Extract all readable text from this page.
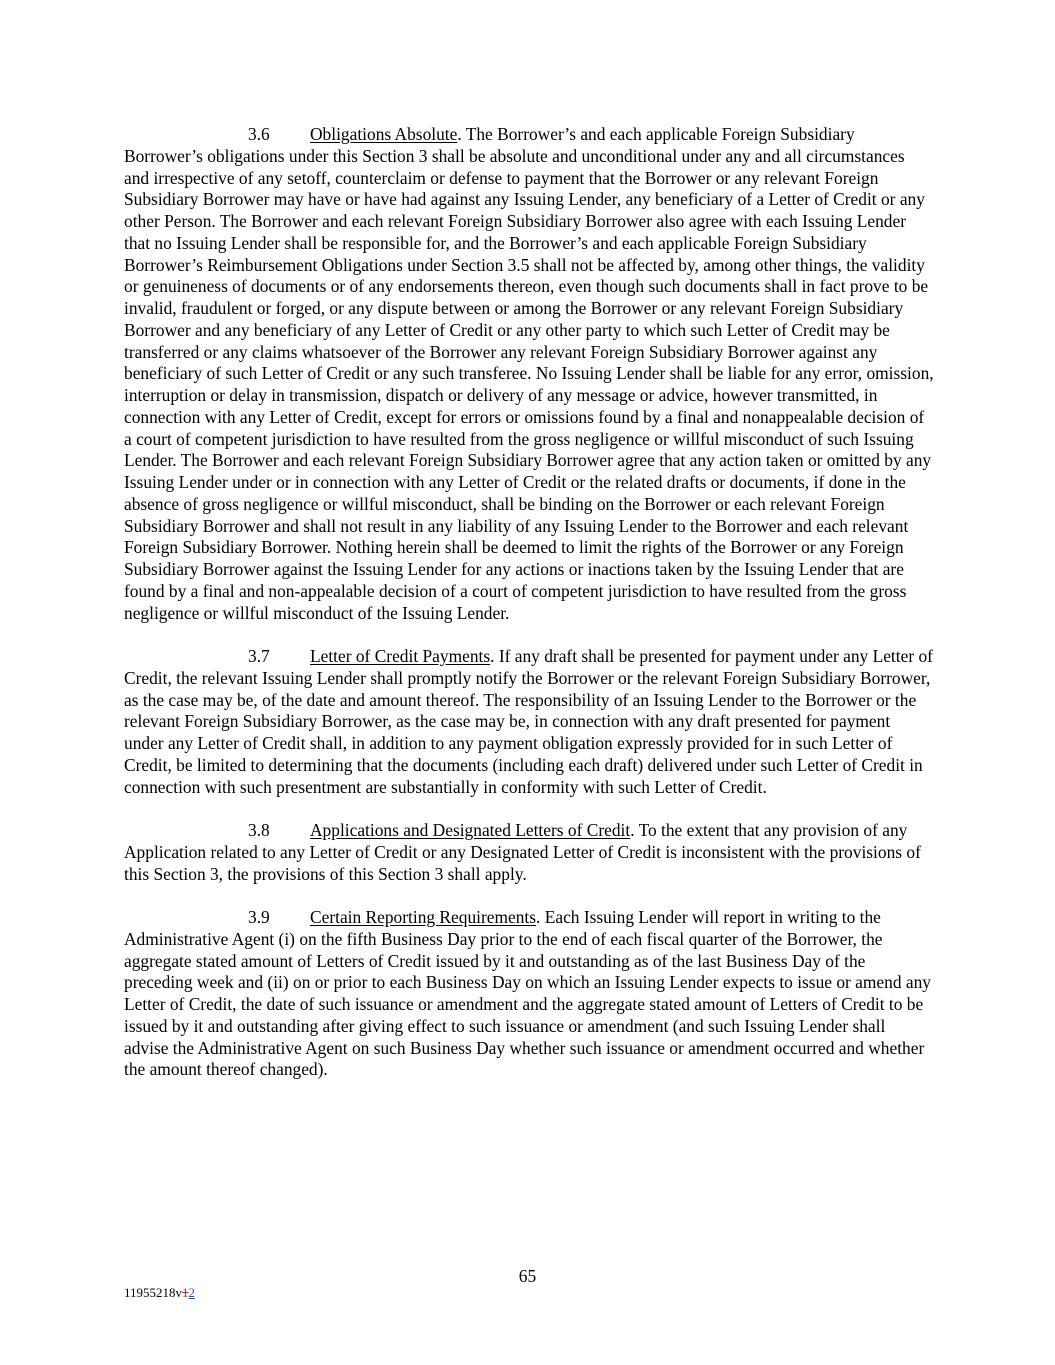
3.6 Obligations Absolute. The Borrower’s and each applicable Foreign Subsidiary Borrower’s obligations under this Section 3 shall be absolute and unconditional under any and all circumstances and irrespective of any setoff, counterclaim or defense to payment that the Borrower or any relevant Foreign Subsidiary Borrower may have or have had against any Issuing Lender, any beneficiary of a Letter of Credit or any other Person. The Borrower and each relevant Foreign Subsidiary Borrower also agree with each Issuing Lender that no Issuing Lender shall be responsible for, and the Borrower’s and each applicable Foreign Subsidiary Borrower’s Reimbursement Obligations under Section 3.5 shall not be affected by, among other things, the validity or genuineness of documents or of any endorsements thereon, even though such documents shall in fact prove to be invalid, fraudulent or forged, or any dispute between or among the Borrower or any relevant Foreign Subsidiary Borrower and any beneficiary of any Letter of Credit or any other party to which such Letter of Credit may be transferred or any claims whatsoever of the Borrower any relevant Foreign Subsidiary Borrower against any beneficiary of such Letter of Credit or any such transferee. No Issuing Lender shall be liable for any error, omission, interruption or delay in transmission, dispatch or delivery of any message or advice, however transmitted, in connection with any Letter of Credit, except for errors or omissions found by a final and nonappealable decision of a court of competent jurisdiction to have resulted from the gross negligence or willful misconduct of such Issuing Lender. The Borrower and each relevant Foreign Subsidiary Borrower agree that any action taken or omitted by any Issuing Lender under or in connection with any Letter of Credit or the related drafts or documents, if done in the absence of gross negligence or willful misconduct, shall be binding on the Borrower or each relevant Foreign Subsidiary Borrower and shall not result in any liability of any Issuing Lender to the Borrower and each relevant Foreign Subsidiary Borrower. Nothing herein shall be deemed to limit the rights of the Borrower or any Foreign Subsidiary Borrower against the Issuing Lender for any actions or inactions taken by the Issuing Lender that are found by a final and non-appealable decision of a court of competent jurisdiction to have resulted from the gross negligence or willful misconduct of the Issuing Lender.

3.7 Letter of Credit Payments. If any draft shall be presented for payment under any Letter of Credit, the relevant Issuing Lender shall promptly notify the Borrower or the relevant Foreign Subsidiary Borrower, as the case may be, of the date and amount thereof. The responsibility of an Issuing Lender to the Borrower or the relevant Foreign Subsidiary Borrower, as the case may be, in connection with any draft presented for payment under any Letter of Credit shall, in addition to any payment obligation expressly provided for in such Letter of Credit, be limited to determining that the documents (including each draft) delivered under such Letter of Credit in connection with such presentment are substantially in conformity with such Letter of Credit.

3.8 Applications and Designated Letters of Credit. To the extent that any provision of any Application related to any Letter of Credit or any Designated Letter of Credit is inconsistent with the provisions of this Section 3, the provisions of this Section 3 shall apply.

3.9 Certain Reporting Requirements. Each Issuing Lender will report in writing to the Administrative Agent (i) on the fifth Business Day prior to the end of each fiscal quarter of the Borrower, the aggregate stated amount of Letters of Credit issued by it and outstanding as of the last Business Day of the preceding week and (ii) on or prior to each Business Day on which an Issuing Lender expects to issue or amend any Letter of Credit, the date of such issuance or amendment and the aggregate stated amount of Letters of Credit to be issued by it and outstanding after giving effect to such issuance or amendment (and such Issuing Lender shall advise the Administrative Agent on such Business Day whether such issuance or amendment occurred and whether the amount thereof changed).

65
11955218v12
